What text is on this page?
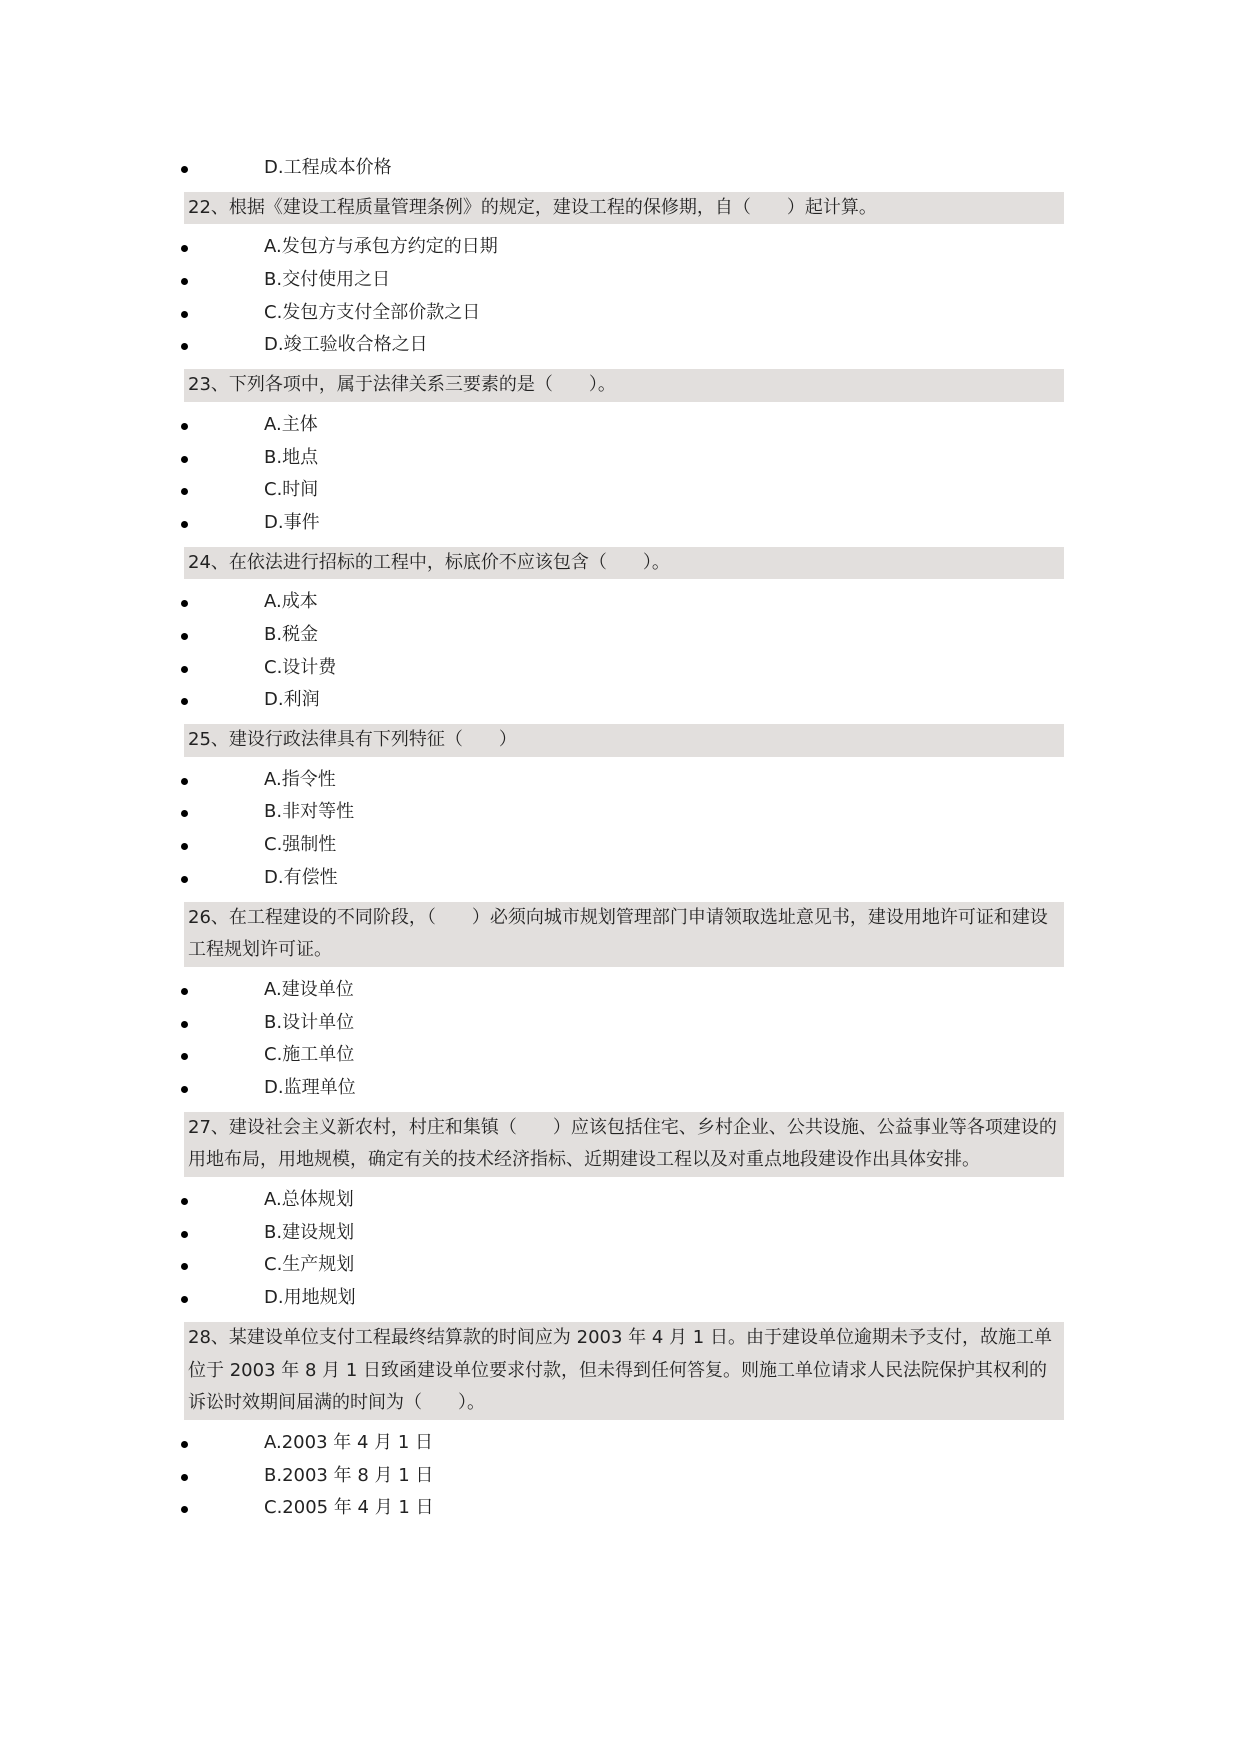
D.工程成本价格
22、根据《建设工程质量管理条例》的规定，建设工程的保修期，自（　　）起计算。
A.发包方与承包方约定的日期
B.交付使用之日
C.发包方支付全部价款之日
D.竣工验收合格之日
23、下列各项中，属于法律关系三要素的是（　　）。
A.主体
B.地点
C.时间
D.事件
24、在依法进行招标的工程中，标底价不应该包含（　　）。
A.成本
B.税金
C.设计费
D.利润
25、建设行政法律具有下列特征（　　）
A.指令性
B.非对等性
C.强制性
D.有偿性
26、在工程建设的不同阶段，（　　）必须向城市规划管理部门申请领取选址意见书，建设用地许可证和建设工程规划许可证。
A.建设单位
B.设计单位
C.施工单位
D.监理单位
27、建设社会主义新农村，村庄和集镇（　　）应该包括住宅、乡村企业、公共设施、公益事业等各项建设的用地布局，用地规模，确定有关的技术经济指标、近期建设工程以及对重点地段建设作出具体安排。
A.总体规划
B.建设规划
C.生产规划
D.用地规划
28、某建设单位支付工程最终结算款的时间应为 2003 年 4 月 1 日。由于建设单位逾期未予支付，故施工单位于 2003 年 8 月 1 日致函建设单位要求付款，但未得到任何答复。则施工单位请求人民法院保护其权利的诉讼时效期间届满的时间为（　　）。
A.2003 年 4 月 1 日
B.2003 年 8 月 1 日
C.2005 年 4 月 1 日
